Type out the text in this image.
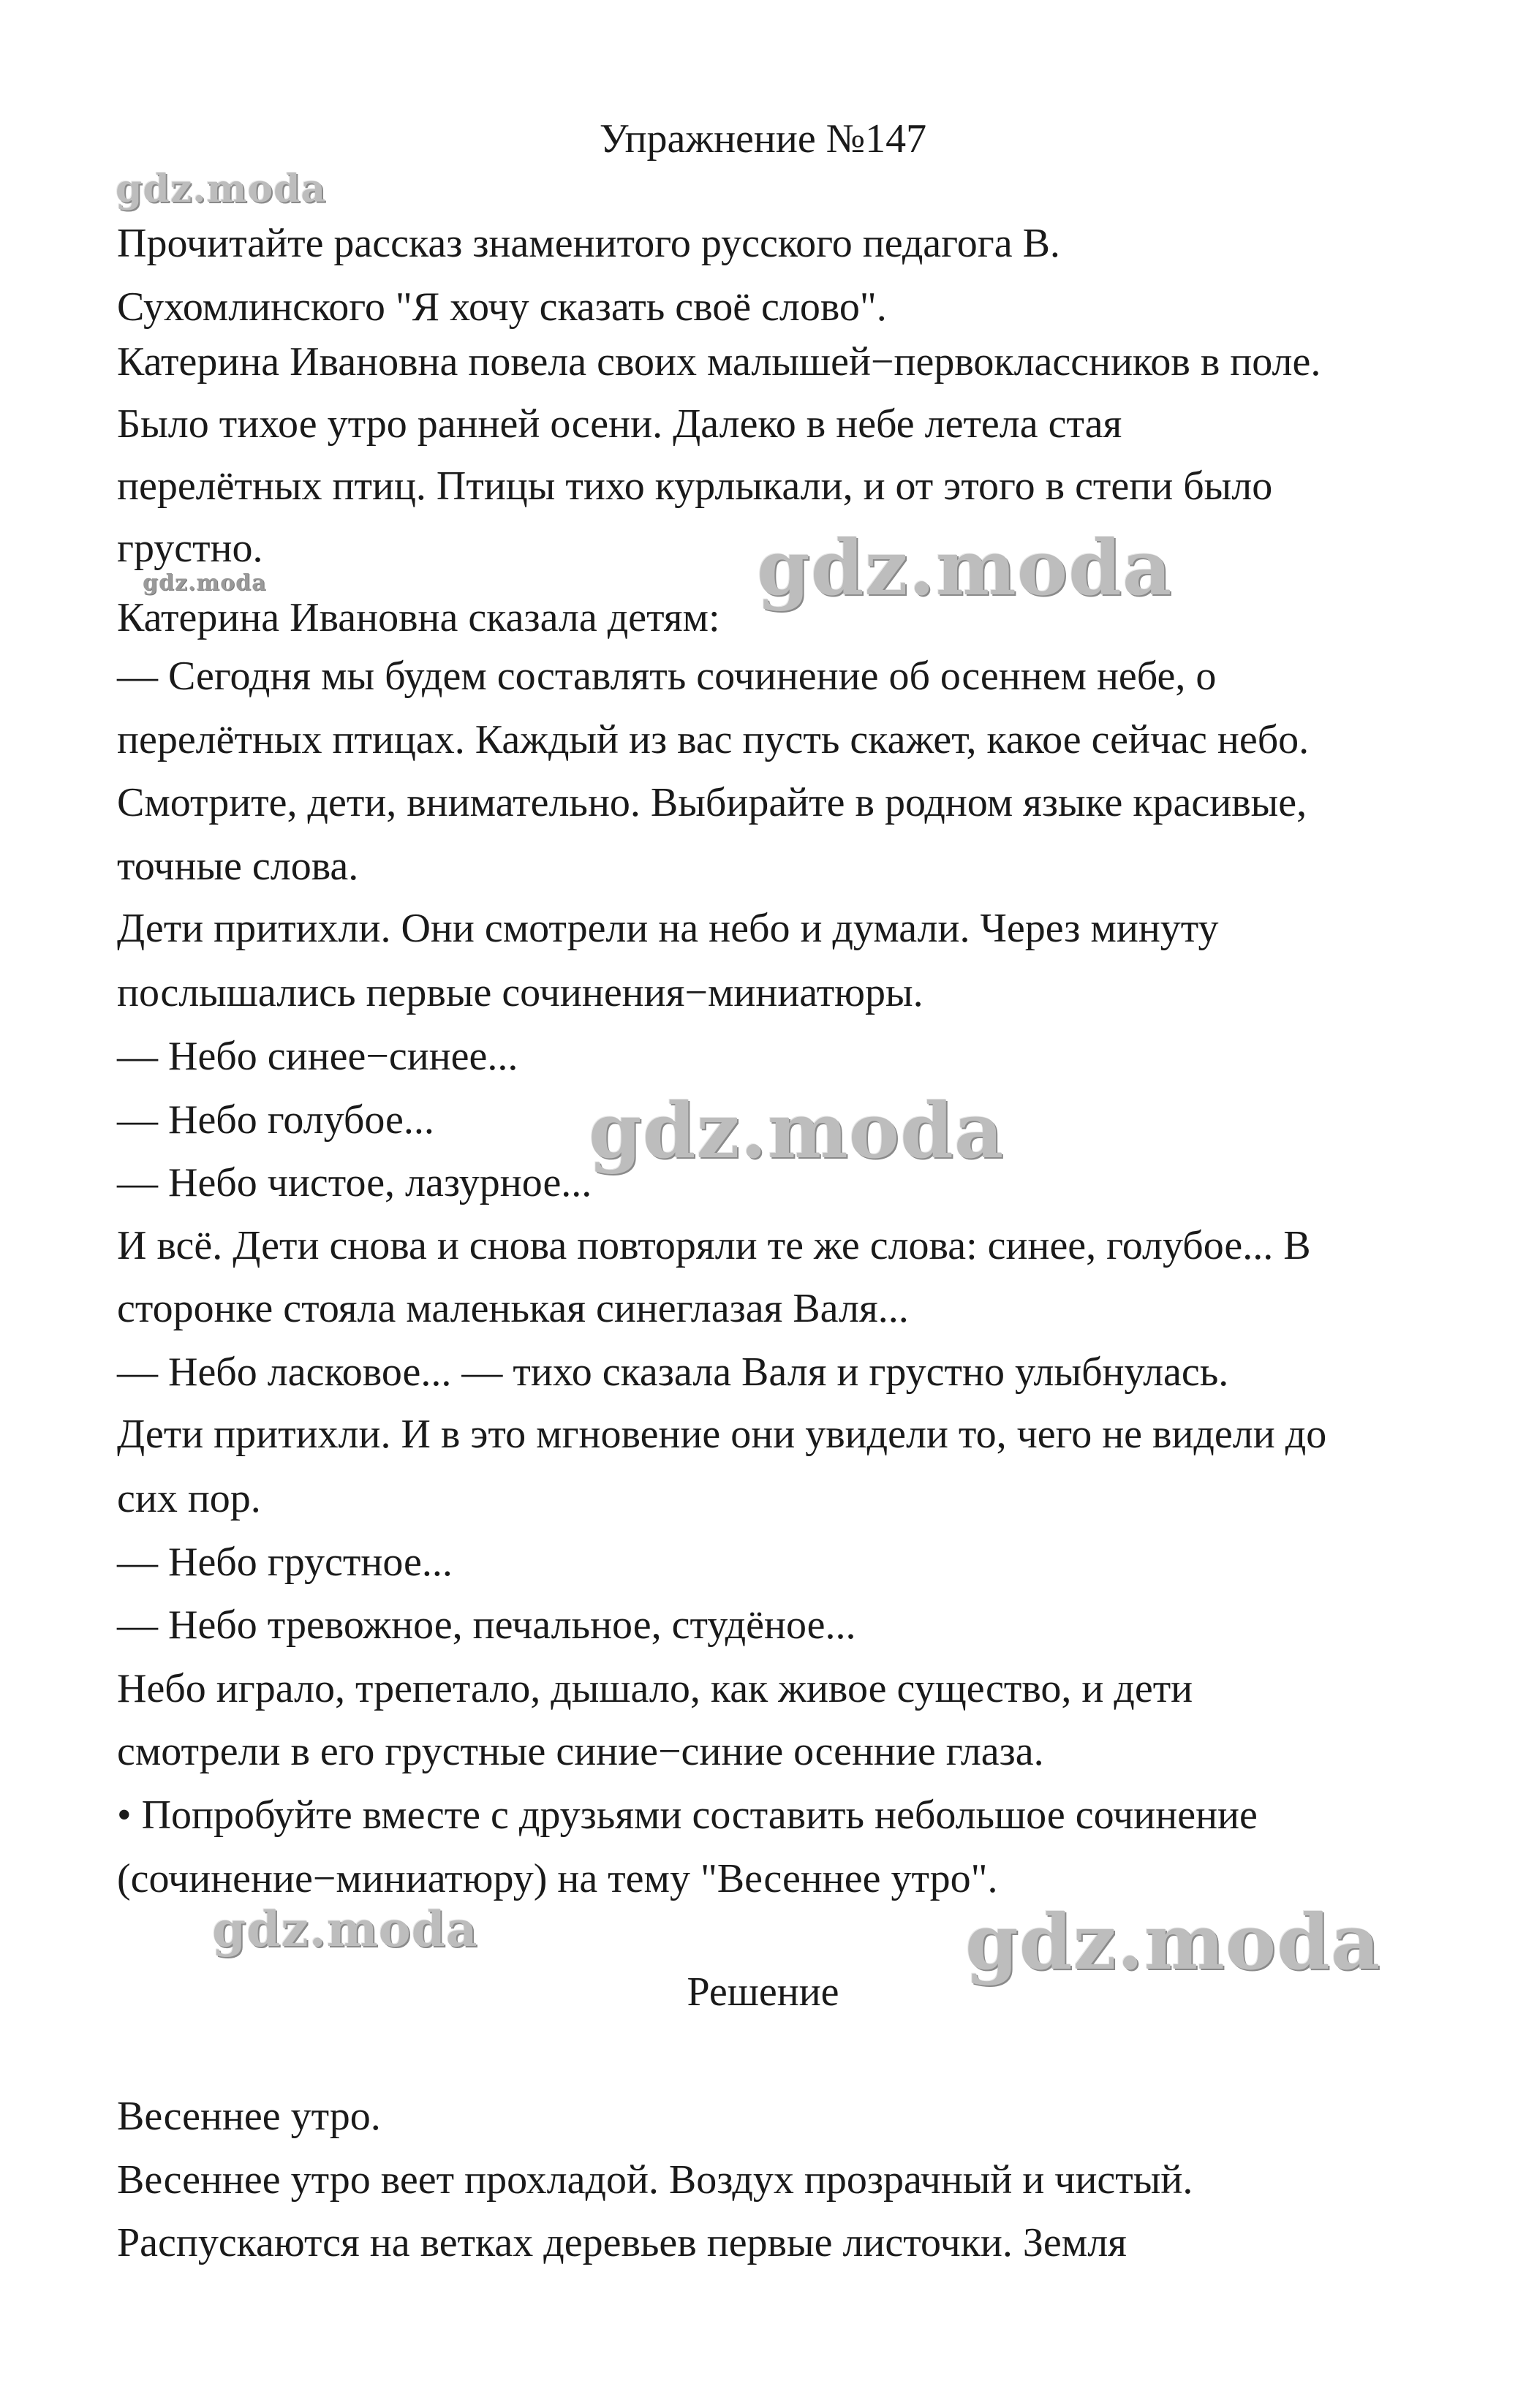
Упражнение №147
Прочитайте рассказ знаменитого русского педагога В.
Сухомлинского "Я хочу сказать своё слово".
Катерина Ивановна повела своих малышей−первоклассников в поле.
Было тихое утро ранней осени. Далеко в небе летела стая
перелётных птиц. Птицы тихо курлыкали, и от этого в степи было
грустно.
Катерина Ивановна сказала детям:
— Сегодня мы будем составлять сочинение об осеннем небе, о
перелётных птицах. Каждый из вас пусть скажет, какое сейчас небо.
Смотрите, дети, внимательно. Выбирайте в родном языке красивые,
точные слова.
Дети притихли. Они смотрели на небо и думали. Через минуту
послышались первые сочинения−миниатюры.
— Небо синее−синее...
— Небо голубое...
— Небо чистое, лазурное...
И всё. Дети снова и снова повторяли те же слова: синее, голубое... В
сторонке стояла маленькая синеглазая Валя...
— Небо ласковое... — тихо сказала Валя и грустно улыбнулась.
Дети притихли. И в это мгновение они увидели то, чего не видели до
сих пор.
— Небо грустное...
— Небо тревожное, печальное, студёное...
Небо играло, трепетало, дышало, как живое существо, и дети
смотрели в его грустные синие−синие осенние глаза.
• Попробуйте вместе с друзьями составить небольшое сочинение
(сочинение−миниатюру) на тему "Весеннее утро".
Решение
Весеннее утро.
Весеннее утро веет прохладой. Воздух прозрачный и чистый.
Распускаются на ветках деревьев первые листочки. Земля
gdz.moda
gdz.moda	gdz.moda
gdz.moda
gdz.moda	gdz.moda
